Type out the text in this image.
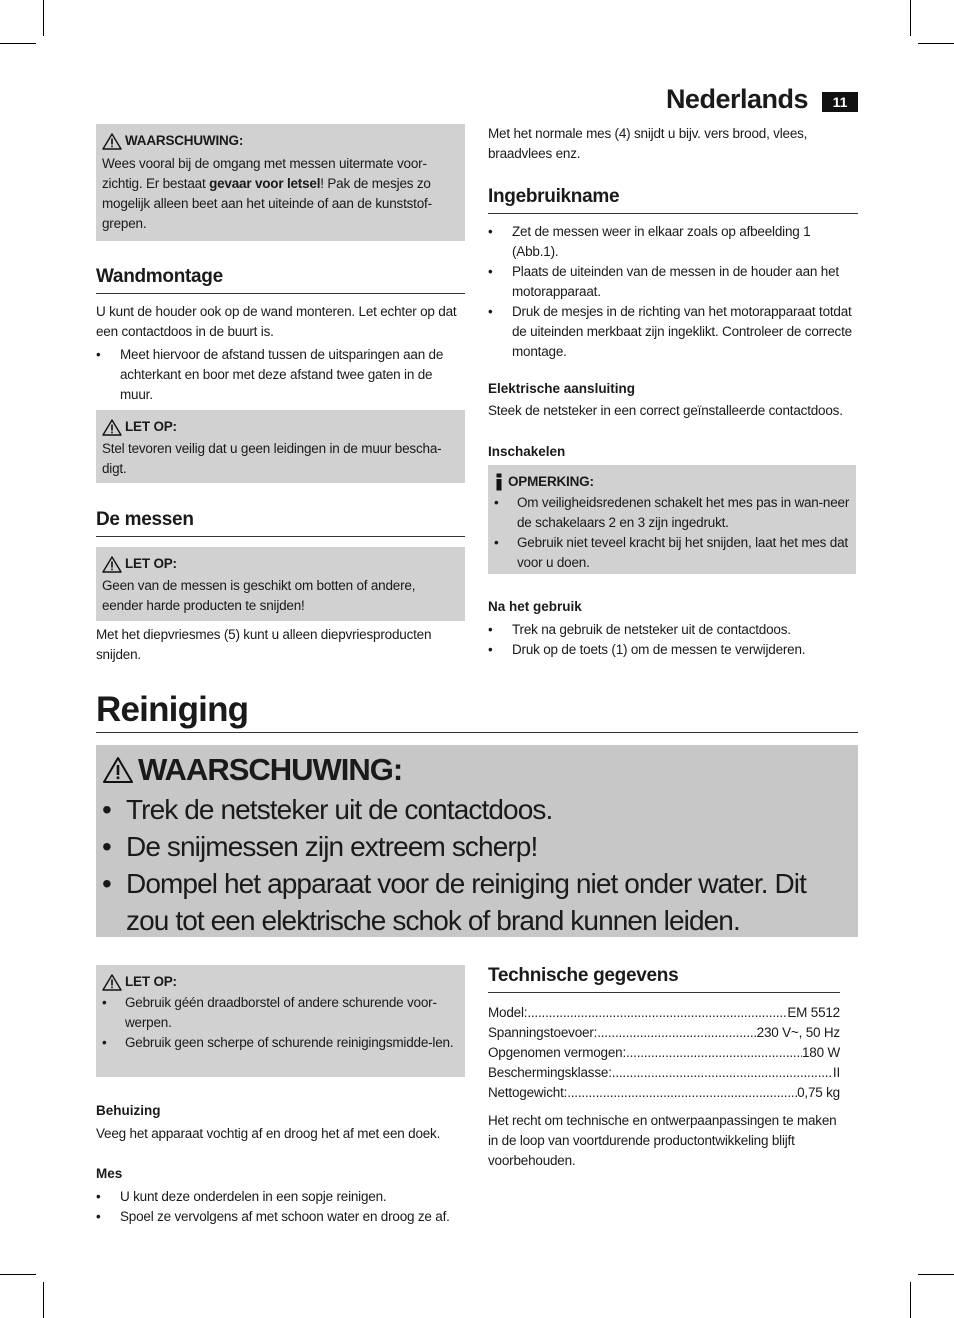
Nederlands	11
WAARSCHUWING:
Wees vooral bij de omgang met messen uitermate voor-zichtig. Er bestaat gevaar voor letsel! Pak de mesjes zo mogelijk alleen beet aan het uiteinde of aan de kunststof-grepen.
Wandmontage

U kunt de houder ook op de wand monteren. Let echter op dat een contactdoos in de buurt is.

• Meet hiervoor de afstand tussen de uitsparingen aan de achterkant en boor met deze afstand twee gaten in de muur.
LET OP:
Stel tevoren veilig dat u geen leidingen in de muur bescha-digt.
De messen
LET OP:
Geen van de messen is geschikt om botten of andere, eender harde producten te snijden!

Met het diepvriesmes (5) kunt u alleen diepvriesproducten snijden.

Met het normale mes (4) snijdt u bijv. vers brood, vlees, braadvlees enz.

Ingebruikname
• Zet de messen weer in elkaar zoals op afbeelding 1 (Abb.1).
• Plaats de uiteinden van de messen in de houder aan het motorapparaat.
• Druk de mesjes in de richting van het motorapparaat totdat de uiteinden merkbaat zijn ingeklikt. Controleer de correcte montage.
Elektrische aansluiting

Steek de netsteker in een correct geïnstalleerde contactdoos.

Inschakelen
OPMERKING:
• Om veiligheidsredenen schakelt het mes pas in wan-neer de schakelaars 2 en 3 zijn ingedrukt.
• Gebruik niet teveel kracht bij het snijden, laat het mes dat voor u doen.
Na het gebruik
• Trek na gebruik de netsteker uit de contactdoos.
• Druk op de toets (1) om de messen te verwijderen.
Reiniging
WAARSCHUWING:
• Trek de netsteker uit de contactdoos.
• De snijmessen zijn extreem scherp!
• Dompel het apparaat voor de reiniging niet onder water. Dit zou tot een elektrische schok of brand kunnen leiden.
LET OP:
• Gebruik géén draadborstel of andere schurende voor-werpen.
• Gebruik geen scherpe of schurende reinigingsmidde-len.
Behuizing

Veeg het apparaat vochtig af en droog het af met een doek.

Mes
• U kunt deze onderdelen in een sopje reinigen.
• Spoel ze vervolgens af met schoon water en droog ze af.
Technische gegevens
Model: .....	EM 5512
Spanningstoevoer: .....	230 V~, 50 Hz
Opgenomen vermogen: .....	180 W
Beschermingsklasse: .....	II
Nettogewicht: .....	0,75 kg

Het recht om technische en ontwerpaanpassingen te maken in de loop van voortdurende productontwikkeling blijft voorbehouden.
